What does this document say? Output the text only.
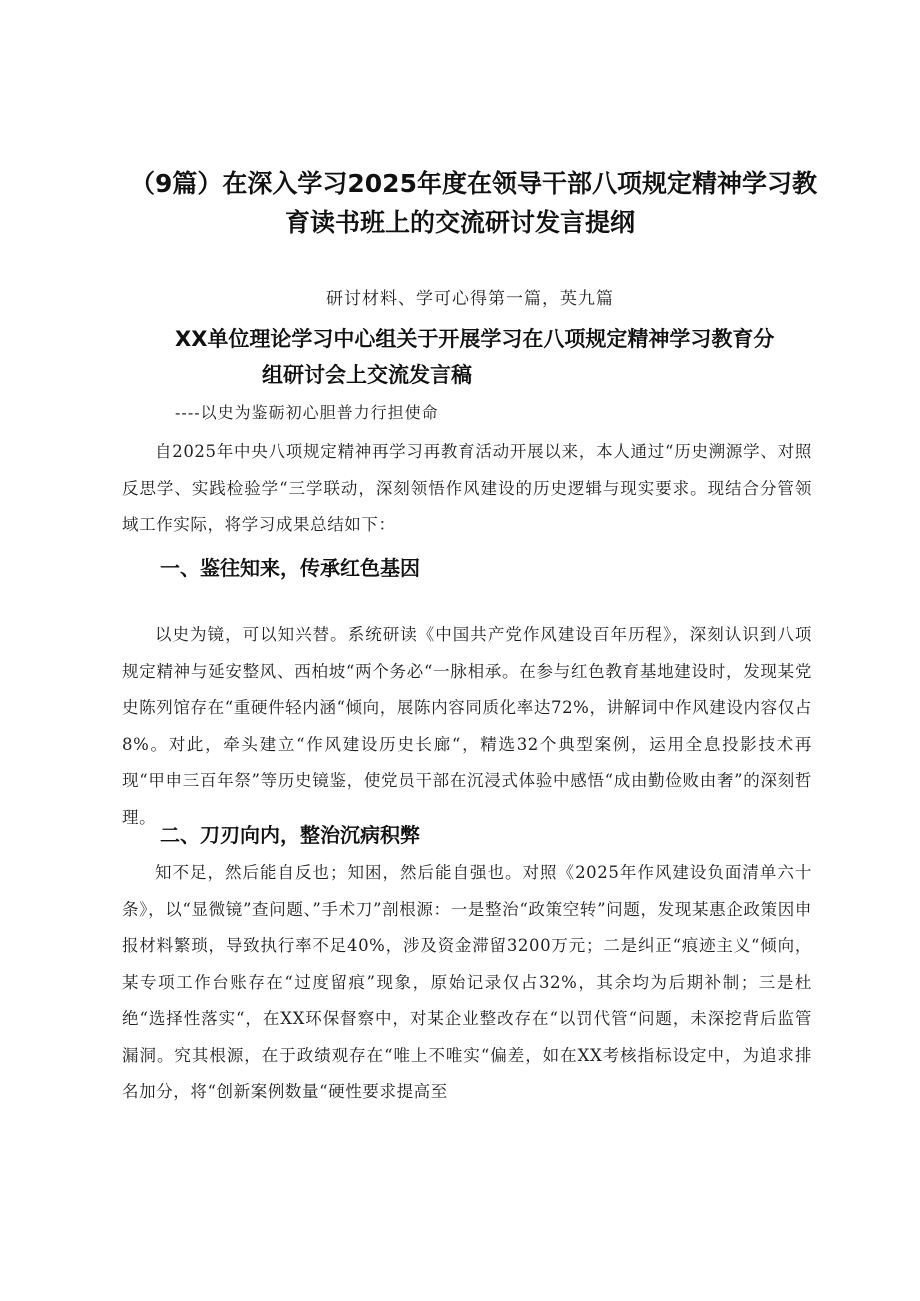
（9篇）在深入学习2025年度在领导干部八项规定精神学习教
育读书班上的交流研讨发言提纲
研讨材料、学可心得第一篇，英九篇
XX单位理论学习中心组关于开展学习在八项规定精神学习教育分
组研讨会上交流发言稿
----以史为鉴砺初心胆普力行担使命

自2025年中央八项规定精神再学习再教育活动开展以来，本人通过“历史溯源学、对照反思学、实践检验学“三学联动，深刻领悟作风建设的历史逻辑与现实要求。现结合分管领域工作实际，将学习成果总结如下：

一、鉴往知来，传承红色基因

以史为镜，可以知兴替。系统研读《中国共产党作风建设百年历程》，深刻认识到八项规定精神与延安整风、西柏坡“两个务必“一脉相承。在参与红色教育基地建设时，发现某党史陈列馆存在“重硬件轻内涵“倾向，展陈内容同质化率达72%，讲解词中作风建设内容仅占8%。对此，牵头建立“作风建设历史长廊“，精选32个典型案例，运用全息投影技术再现“甲申三百年祭”等历史镜鉴，使党员干部在沉浸式体验中感悟“成由勤俭败由奢”的深刻哲理。

二、刀刃向内，整治沉病积弊

知不足，然后能自反也；知困，然后能自强也。对照《2025年作风建设负面清单六十条》，以“显微镜”查问题、”手术刀”剖根源：一是整治“政策空转”问题，发现某惠企政策因申报材料繁琐，导致执行率不足40%，涉及资金滞留3200万元；二是纠正“痕迹主义“倾向，某专项工作台账存在“过度留痕”现象，原始记录仅占32%，其余均为后期补制；三是杜绝“选择性落实“，在XX环保督察中，对某企业整改存在“以罚代管“问题，未深挖背后监管漏洞。究其根源，在于政绩观存在“唯上不唯实“偏差，如在XX考核指标设定中，为追求排名加分，将“创新案例数量“硬性要求提高至
